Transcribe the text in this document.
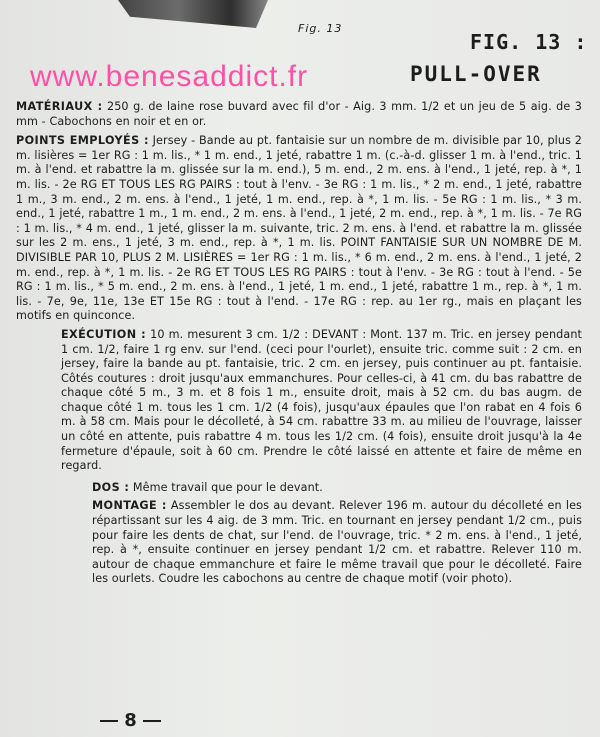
Fig. 13
FIG. 13 :
PULL-OVER
www.benesaddict.fr

MATÉRIAUX : 250 g. de laine rose buvard avec fil d'or - Aig. 3 mm. 1/2 et un jeu de 5 aig. de 3 mm - Cabochons en noir et en or.

POINTS EMPLOYÉS : Jersey - Bande au pt. fantaisie sur un nombre de m. divisible par 10, plus 2 m. lisières = 1er RG : 1 m. lis., * 1 m. end., 1 jeté, rabattre 1 m. (c.-à-d. glisser 1 m. à l'end., tric. 1 m. à l'end. et rabattre la m. glissée sur la m. end.), 5 m. end., 2 m. ens. à l'end., 1 jeté, rep. à *, 1 m. lis. - 2e RG ET TOUS LES RG PAIRS : tout à l'env. - 3e RG : 1 m. lis., * 2 m. end., 1 jeté, rabattre 1 m., 3 m. end., 2 m. ens. à l'end., 1 jeté, 1 m. end., rep. à *, 1 m. lis. - 5e RG : 1 m. lis., * 3 m. end., 1 jeté, rabattre 1 m., 1 m. end., 2 m. ens. à l'end., 1 jeté, 2 m. end., rep. à *, 1 m. lis. - 7e RG : 1 m. lis., * 4 m. end., 1 jeté, glisser la m. suivante, tric. 2 m. ens. à l'end. et rabattre la m. glissée sur les 2 m. ens., 1 jeté, 3 m. end., rep. à *, 1 m. lis. POINT FANTAISIE SUR UN NOMBRE DE M. DIVISIBLE PAR 10, PLUS 2 M. LISIÈRES = 1er RG : 1 m. lis., * 6 m. end., 2 m. ens. à l'end., 1 jeté, 2 m. end., rep. à *, 1 m. lis. - 2e RG ET TOUS LES RG PAIRS : tout à l'env. - 3e RG : tout à l'end. - 5e RG : 1 m. lis., * 5 m. end., 2 m. ens. à l'end., 1 jeté, 1 m. end., 1 jeté, rabattre 1 m., rep. à *, 1 m. lis. - 7e, 9e, 11e, 13e ET 15e RG : tout à l'end. - 17e RG : rep. au 1er rg., mais en plaçant les motifs en quinconce.

EXÉCUTION : 10 m. mesurent 3 cm. 1/2 : DEVANT : Mont. 137 m. Tric. en jersey pendant 1 cm. 1/2, faire 1 rg env. sur l'end. (ceci pour l'ourlet), ensuite tric. comme suit : 2 cm. en jersey, faire la bande au pt. fantaisie, tric. 2 cm. en jersey, puis continuer au pt. fantaisie. Côtés coutures : droit jusqu'aux emmanchures. Pour celles-ci, à 41 cm. du bas rabattre de chaque côté 5 m., 3 m. et 8 fois 1 m., ensuite droit, mais à 52 cm. du bas augm. de chaque côté 1 m. tous les 1 cm. 1/2 (4 fois), jusqu'aux épaules que l'on rabat en 4 fois 6 m. à 58 cm. Mais pour le décolleté, à 54 cm. rabattre 33 m. au milieu de l'ouvrage, laisser un côté en attente, puis rabattre 4 m. tous les 1/2 cm. (4 fois), ensuite droit jusqu'à la 4e fermeture d'épaule, soit à 60 cm. Prendre le côté laissé en attente et faire de même en regard.

DOS : Même travail que pour le devant.

MONTAGE : Assembler le dos au devant. Relever 196 m. autour du décolleté en les répartissant sur les 4 aig. de 3 mm. Tric. en tournant en jersey pendant 1/2 cm., puis pour faire les dents de chat, sur l'end. de l'ouvrage, tric. * 2 m. ens. à l'end., 1 jeté, rep. à *, ensuite continuer en jersey pendant 1/2 cm. et rabattre. Relever 110 m. autour de chaque emmanchure et faire le même travail que pour le décolleté. Faire les ourlets. Coudre les cabochons au centre de chaque motif (voir photo).

8
